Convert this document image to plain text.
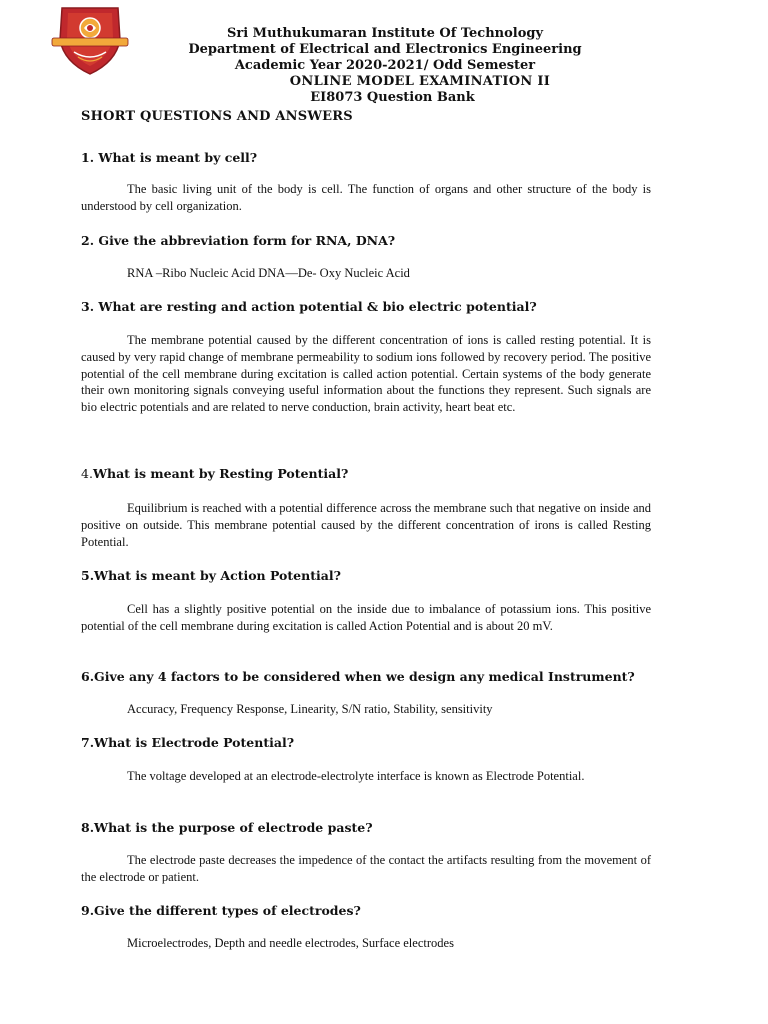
Sri Muthukumaran Institute Of Technology
Department of Electrical and Electronics Engineering
Academic Year 2020-2021/ Odd Semester
ONLINE MODEL EXAMINATION II
EI8073 Question Bank
SHORT QUESTIONS AND ANSWERS
1. What is meant by cell?
The basic living unit of the body is cell. The function of organs and other structure of the body is understood by cell organization.
2. Give the abbreviation form for RNA, DNA?
RNA –Ribo Nucleic Acid DNA—De- Oxy Nucleic Acid
3. What are resting and action potential & bio electric potential?
The membrane potential caused by the different concentration of ions is called resting potential. It is caused by very rapid change of membrane permeability to sodium ions followed by recovery period. The positive potential of the cell membrane during excitation is called action potential. Certain systems of the body generate their own monitoring signals conveying useful information about the functions they represent. Such signals are bio electric potentials and are related to nerve conduction, brain activity, heart beat etc.
4.What is meant by Resting Potential?
Equilibrium is reached with a potential difference across the membrane such that negative on inside and positive on outside. This membrane potential caused by the different concentration of irons is called Resting Potential.
5.What is meant by Action Potential?
Cell has a slightly positive potential on the inside due to imbalance of potassium ions. This positive potential of the cell membrane during excitation is called Action Potential and is about 20 mV.
6.Give any 4 factors to be considered when we design any medical Instrument?
Accuracy, Frequency Response, Linearity, S/N ratio, Stability, sensitivity
7.What is Electrode Potential?
The voltage developed at an electrode-electrolyte interface is known as Electrode Potential.
8.What is the purpose of electrode paste?
The electrode paste decreases the impedence of the contact the artifacts resulting from the movement of the electrode or patient.
9.Give the different types of electrodes?
Microelectrodes, Depth and needle electrodes, Surface electrodes
